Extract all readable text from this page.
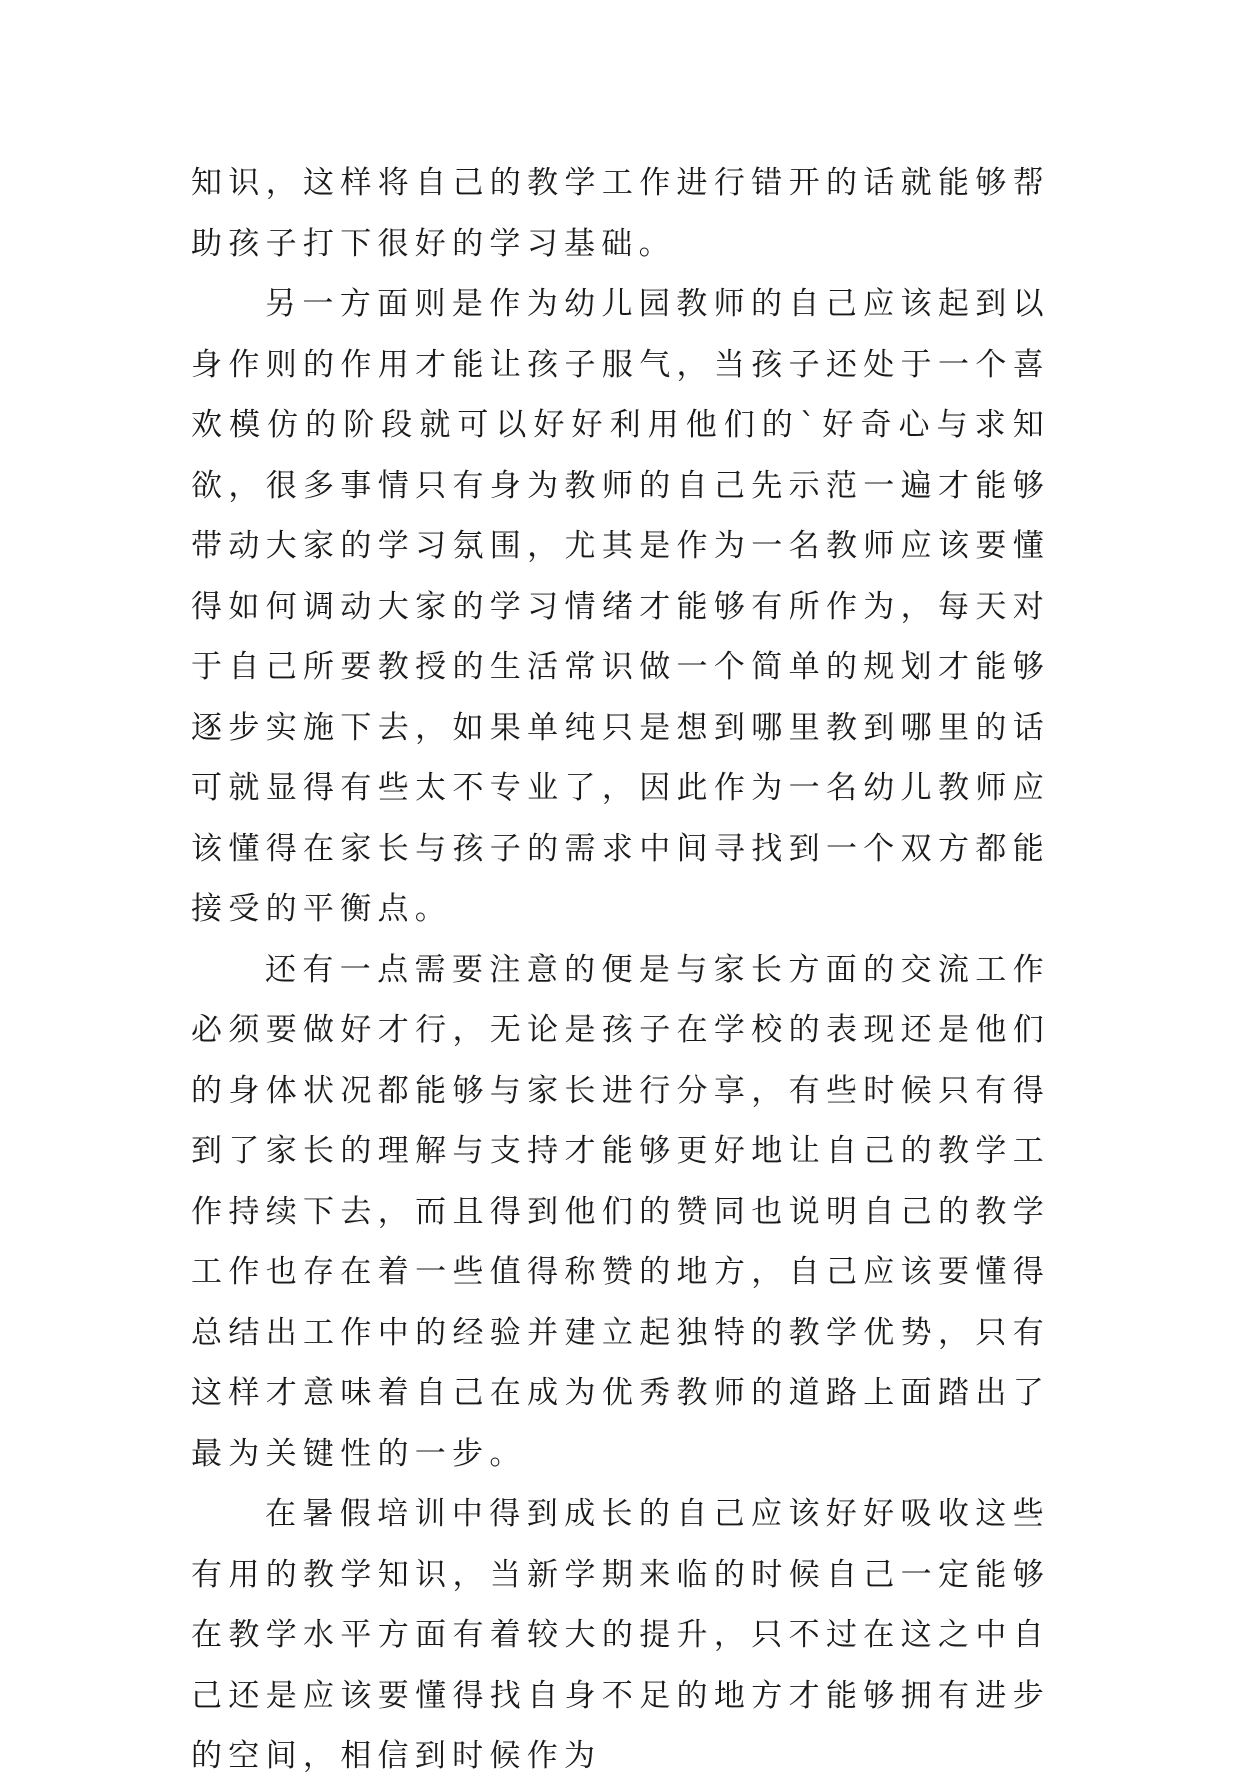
知识，这样将自己的教学工作进行错开的话就能够帮助孩子打下很好的学习基础。

另一方面则是作为幼儿园教师的自己应该起到以身作则的作用才能让孩子服气，当孩子还处于一个喜欢模仿的阶段就可以好好利用他们的`好奇心与求知欲，很多事情只有身为教师的自己先示范一遍才能够带动大家的学习氛围，尤其是作为一名教师应该要懂得如何调动大家的学习情绪才能够有所作为，每天对于自己所要教授的生活常识做一个简单的规划才能够逐步实施下去，如果单纯只是想到哪里教到哪里的话可就显得有些太不专业了，因此作为一名幼儿教师应该懂得在家长与孩子的需求中间寻找到一个双方都能接受的平衡点。

还有一点需要注意的便是与家长方面的交流工作必须要做好才行，无论是孩子在学校的表现还是他们的身体状况都能够与家长进行分享，有些时候只有得到了家长的理解与支持才能够更好地让自己的教学工作持续下去，而且得到他们的赞同也说明自己的教学工作也存在着一些值得称赞的地方，自己应该要懂得总结出工作中的经验并建立起独特的教学优势，只有这样才意味着自己在成为优秀教师的道路上面踏出了最为关键性的一步。

在暑假培训中得到成长的自己应该好好吸收这些有用的教学知识，当新学期来临的时候自己一定能够在教学水平方面有着较大的提升，只不过在这之中自己还是应该要懂得找自身不足的地方才能够拥有进步的空间，相信到时候作为
